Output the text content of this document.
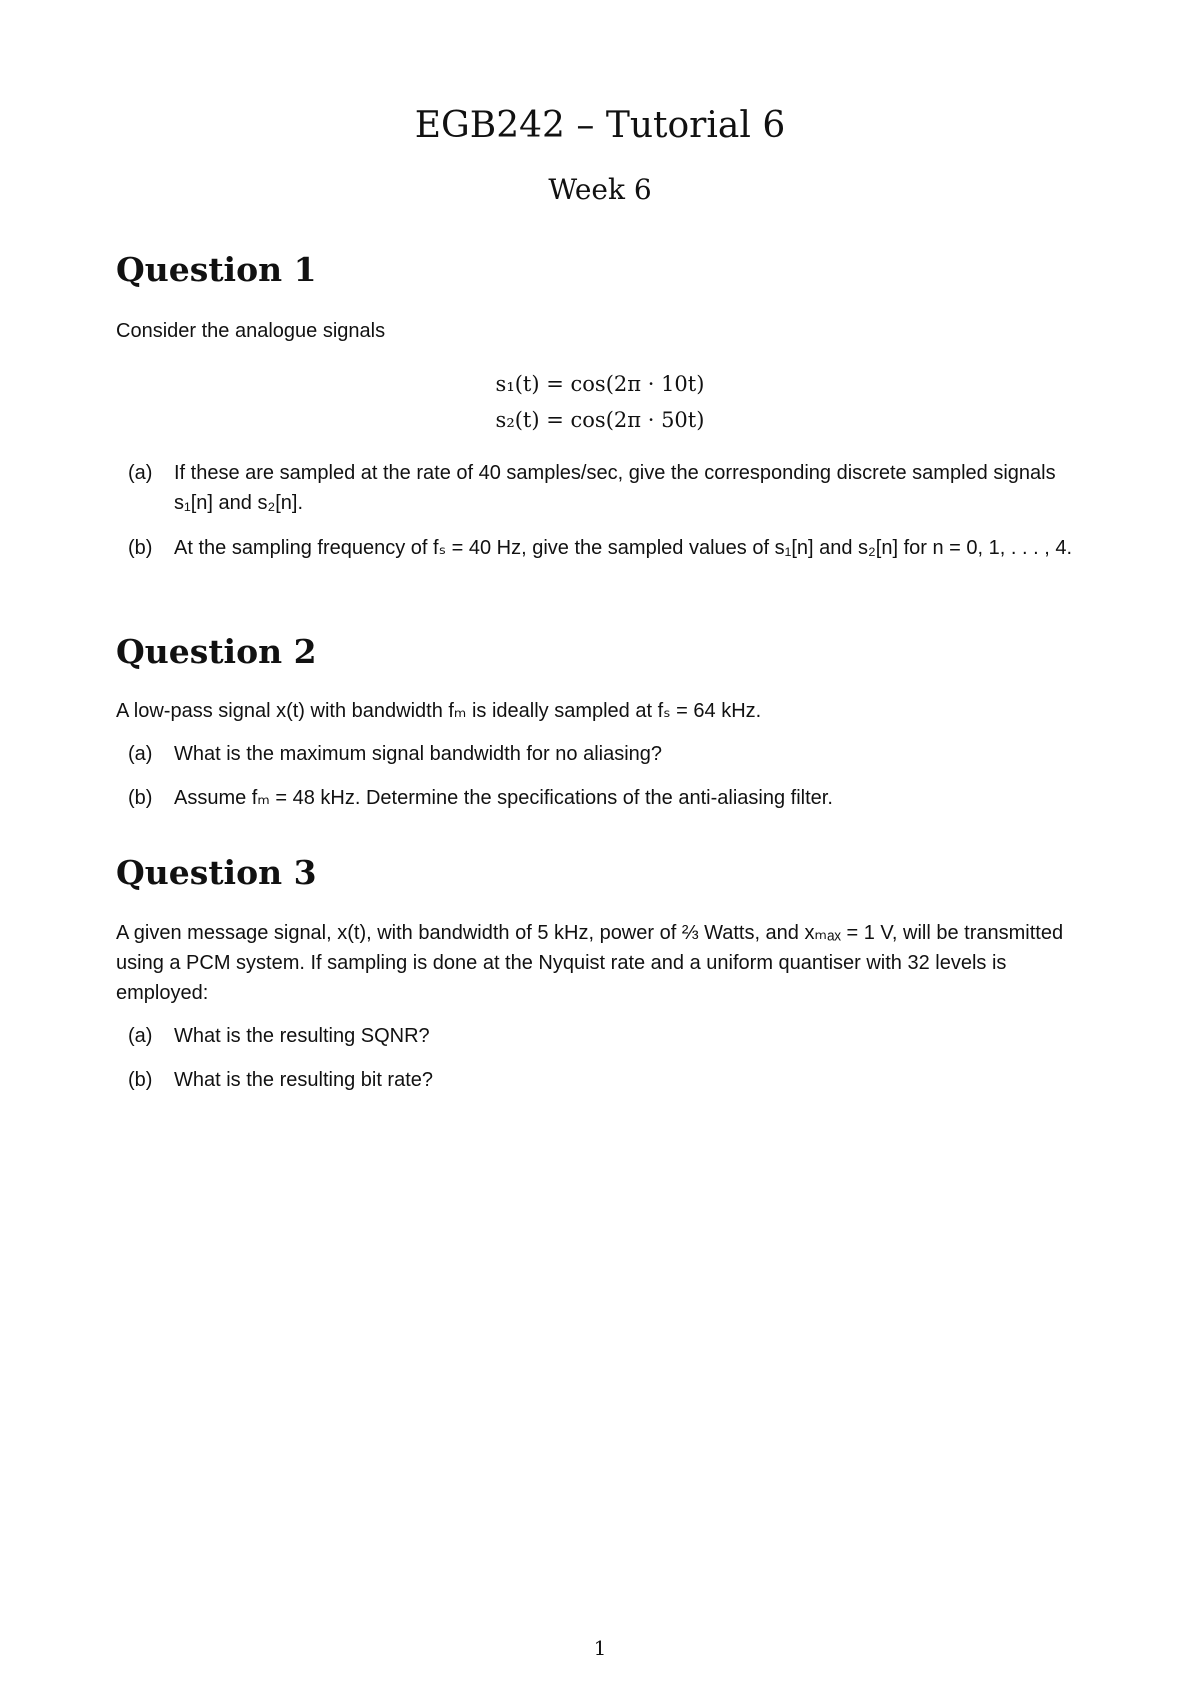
EGB242 – Tutorial 6
Week 6
Question 1
Consider the analogue signals
s₁(t) = cos(2π · 10t)
s₂(t) = cos(2π · 50t)
(a) If these are sampled at the rate of 40 samples/sec, give the corresponding discrete sampled signals s₁[n] and s₂[n].
(b) At the sampling frequency of fₛ = 40 Hz, give the sampled values of s₁[n] and s₂[n] for n = 0, 1, . . . , 4.
Question 2
A low-pass signal x(t) with bandwidth fₘ is ideally sampled at fₛ = 64 kHz.
(a) What is the maximum signal bandwidth for no aliasing?
(b) Assume fₘ = 48 kHz. Determine the specifications of the anti-aliasing filter.
Question 3
A given message signal, x(t), with bandwidth of 5 kHz, power of ⅔ Watts, and xₘₐₓ = 1 V, will be transmitted using a PCM system. If sampling is done at the Nyquist rate and a uniform quantiser with 32 levels is employed:
(a) What is the resulting SQNR?
(b) What is the resulting bit rate?
1
